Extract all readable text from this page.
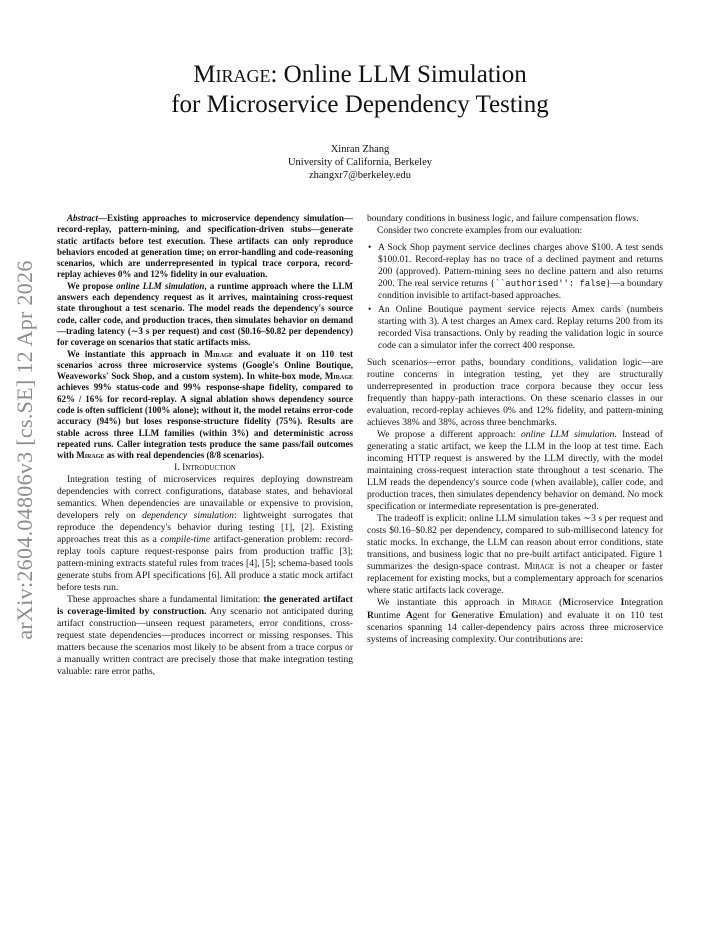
arXiv:2604.04806v3 [cs.SE] 12 Apr 2026
Mirage: Online LLM Simulation
for Microservice Dependency Testing
Xinran Zhang
University of California, Berkeley
zhangxr7@berkeley.edu

Abstract—Existing approaches to microservice dependency simulation—record-replay, pattern-mining, and specification-driven stubs—generate static artifacts before test execution. These artifacts can only reproduce behaviors encoded at generation time; on error-handling and code-reasoning scenarios, which are underrepresented in typical trace corpora, record-replay achieves 0% and 12% fidelity in our evaluation.

We propose online LLM simulation, a runtime approach where the LLM answers each dependency request as it arrives, maintaining cross-request state throughout a test scenario. The model reads the dependency's source code, caller code, and production traces, then simulates behavior on demand—trading latency (∼3 s per request) and cost ($0.16–$0.82 per dependency) for coverage on scenarios that static artifacts miss.

We instantiate this approach in Mirage and evaluate it on 110 test scenarios across three microservice systems (Google's Online Boutique, Weaveworks' Sock Shop, and a custom system). In white-box mode, Mirage achieves 99% status-code and 99% response-shape fidelity, compared to 62% / 16% for record-replay. A signal ablation shows dependency source code is often sufficient (100% alone); without it, the model retains error-code accuracy (94%) but loses response-structure fidelity (75%). Results are stable across three LLM families (within 3%) and deterministic across repeated runs. Caller integration tests produce the same pass/fail outcomes with Mirage as with real dependencies (8/8 scenarios).

I. Introduction

Integration testing of microservices requires deploying downstream dependencies with correct configurations, database states, and behavioral semantics. When dependencies are unavailable or expensive to provision, developers rely on dependency simulation: lightweight surrogates that reproduce the dependency's behavior during testing [1], [2]. Existing approaches treat this as a compile-time artifact-generation problem: record-replay tools capture request-response pairs from production traffic [3]; pattern-mining extracts stateful rules from traces [4], [5]; schema-based tools generate stubs from API specifications [6]. All produce a static mock artifact before tests run.

These approaches share a fundamental limitation: the generated artifact is coverage-limited by construction. Any scenario not anticipated during artifact construction—unseen request parameters, error conditions, cross-request state dependencies—produces incorrect or missing responses. This matters because the scenarios most likely to be absent from a trace corpus or a manually written contract are precisely those that make integration testing valuable: rare error paths,

boundary conditions in business logic, and failure compensation flows.

Consider two concrete examples from our evaluation:

• A Sock Shop payment service declines charges above $100. A test sends $100.01. Record-replay has no trace of a declined payment and returns 200 (approved). Pattern-mining sees no decline pattern and also returns 200. The real service returns {``authorised'': false}—a boundary condition invisible to artifact-based approaches.
• An Online Boutique payment service rejects Amex cards (numbers starting with 3). A test charges an Amex card. Replay returns 200 from its recorded Visa transactions. Only by reading the validation logic in source code can a simulator infer the correct 400 response.

Such scenarios—error paths, boundary conditions, validation logic—are routine concerns in integration testing, yet they are structurally underrepresented in production trace corpora because they occur less frequently than happy-path interactions. On these scenario classes in our evaluation, record-replay achieves 0% and 12% fidelity, and pattern-mining achieves 38% and 38%, across three benchmarks.

We propose a different approach: online LLM simulation. Instead of generating a static artifact, we keep the LLM in the loop at test time. Each incoming HTTP request is answered by the LLM directly, with the model maintaining cross-request interaction state throughout a test scenario. The LLM reads the dependency's source code (when available), caller code, and production traces, then simulates dependency behavior on demand. No mock specification or intermediate representation is pre-generated.

The tradeoff is explicit: online LLM simulation takes ∼3 s per request and costs $0.16–$0.82 per dependency, compared to sub-millisecond latency for static mocks. In exchange, the LLM can reason about error conditions, state transitions, and business logic that no pre-built artifact anticipated. Figure 1 summarizes the design-space contrast. Mirage is not a cheaper or faster replacement for existing mocks, but a complementary approach for scenarios where static artifacts lack coverage.

We instantiate this approach in Mirage (Microservice Integration Runtime Agent for Generative Emulation) and evaluate it on 110 test scenarios spanning 14 caller-dependency pairs across three microservice systems of increasing complexity. Our contributions are:
